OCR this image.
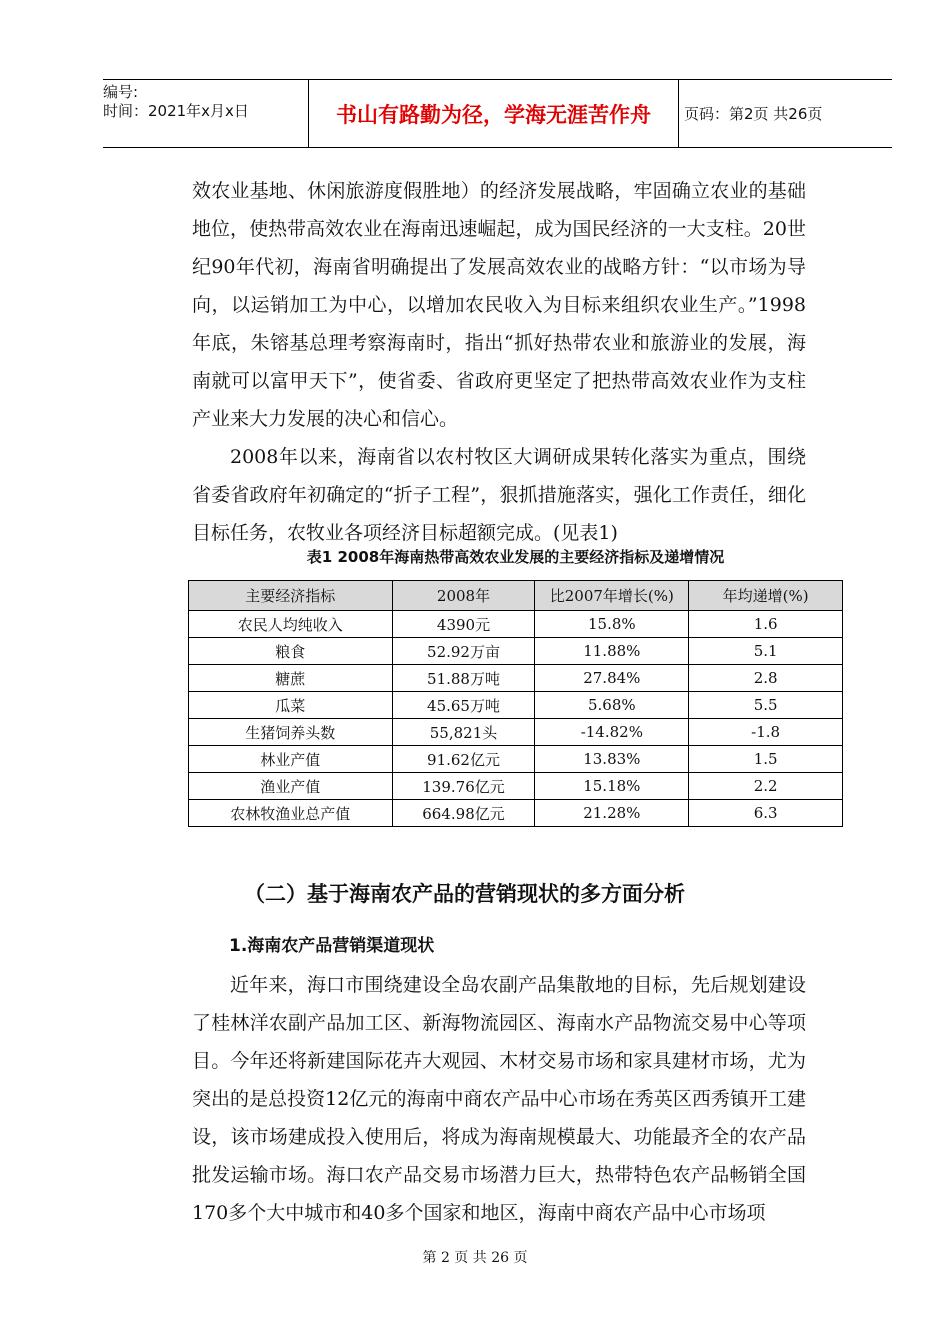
编号:
时间：2021年x月x日	书山有路勤为径，学海无涯苦作舟	页码：第2页 共26页

效农业基地、休闲旅游度假胜地）的经济发展战略，牢固确立农业的基础地位，使热带高效农业在海南迅速崛起，成为国民经济的一大支柱。20世纪90年代初，海南省明确提出了发展高效农业的战略方针：“以市场为导向，以运销加工为中心，以增加农民收入为目标来组织农业生产。”1998年底，朱镕基总理考察海南时，指出“抓好热带农业和旅游业的发展，海南就可以富甲天下”，使省委、省政府更坚定了把热带高效农业作为支柱产业来大力发展的决心和信心。

2008年以来，海南省以农村牧区大调研成果转化落实为重点，围绕省委省政府年初确定的“折子工程”，狠抓措施落实，强化工作责任，细化目标任务，农牧业各项经济目标超额完成。(见表1)

表1 2008年海南热带高效农业发展的主要经济指标及递增情况
主要经济指标	2008年	比2007年增长(%)	年均递增(%)
农民人均纯收入	4390元	15.8%	1.6
粮食	52.92万亩	11.88%	5.1
糖蔗	51.88万吨	27.84%	2.8
瓜菜	45.65万吨	5.68%	5.5
生猪饲养头数	55,821头	-14.82%	-1.8
林业产值	91.62亿元	13.83%	1.5
渔业产值	139.76亿元	15.18%	2.2
农林牧渔业总产值	664.98亿元	21.28%	6.3
（二）基于海南农产品的营销现状的多方面分析
1.海南农产品营销渠道现状

近年来，海口市围绕建设全岛农副产品集散地的目标，先后规划建设了桂林洋农副产品加工区、新海物流园区、海南水产品物流交易中心等项目。今年还将新建国际花卉大观园、木材交易市场和家具建材市场，尤为突出的是总投资12亿元的海南中商农产品中心市场在秀英区西秀镇开工建设，该市场建成投入使用后，将成为海南规模最大、功能最齐全的农产品批发运输市场。海口农产品交易市场潜力巨大，热带特色农产品畅销全国170多个大中城市和40多个国家和地区，海南中商农产品中心市场项

第 2 页 共 26 页
